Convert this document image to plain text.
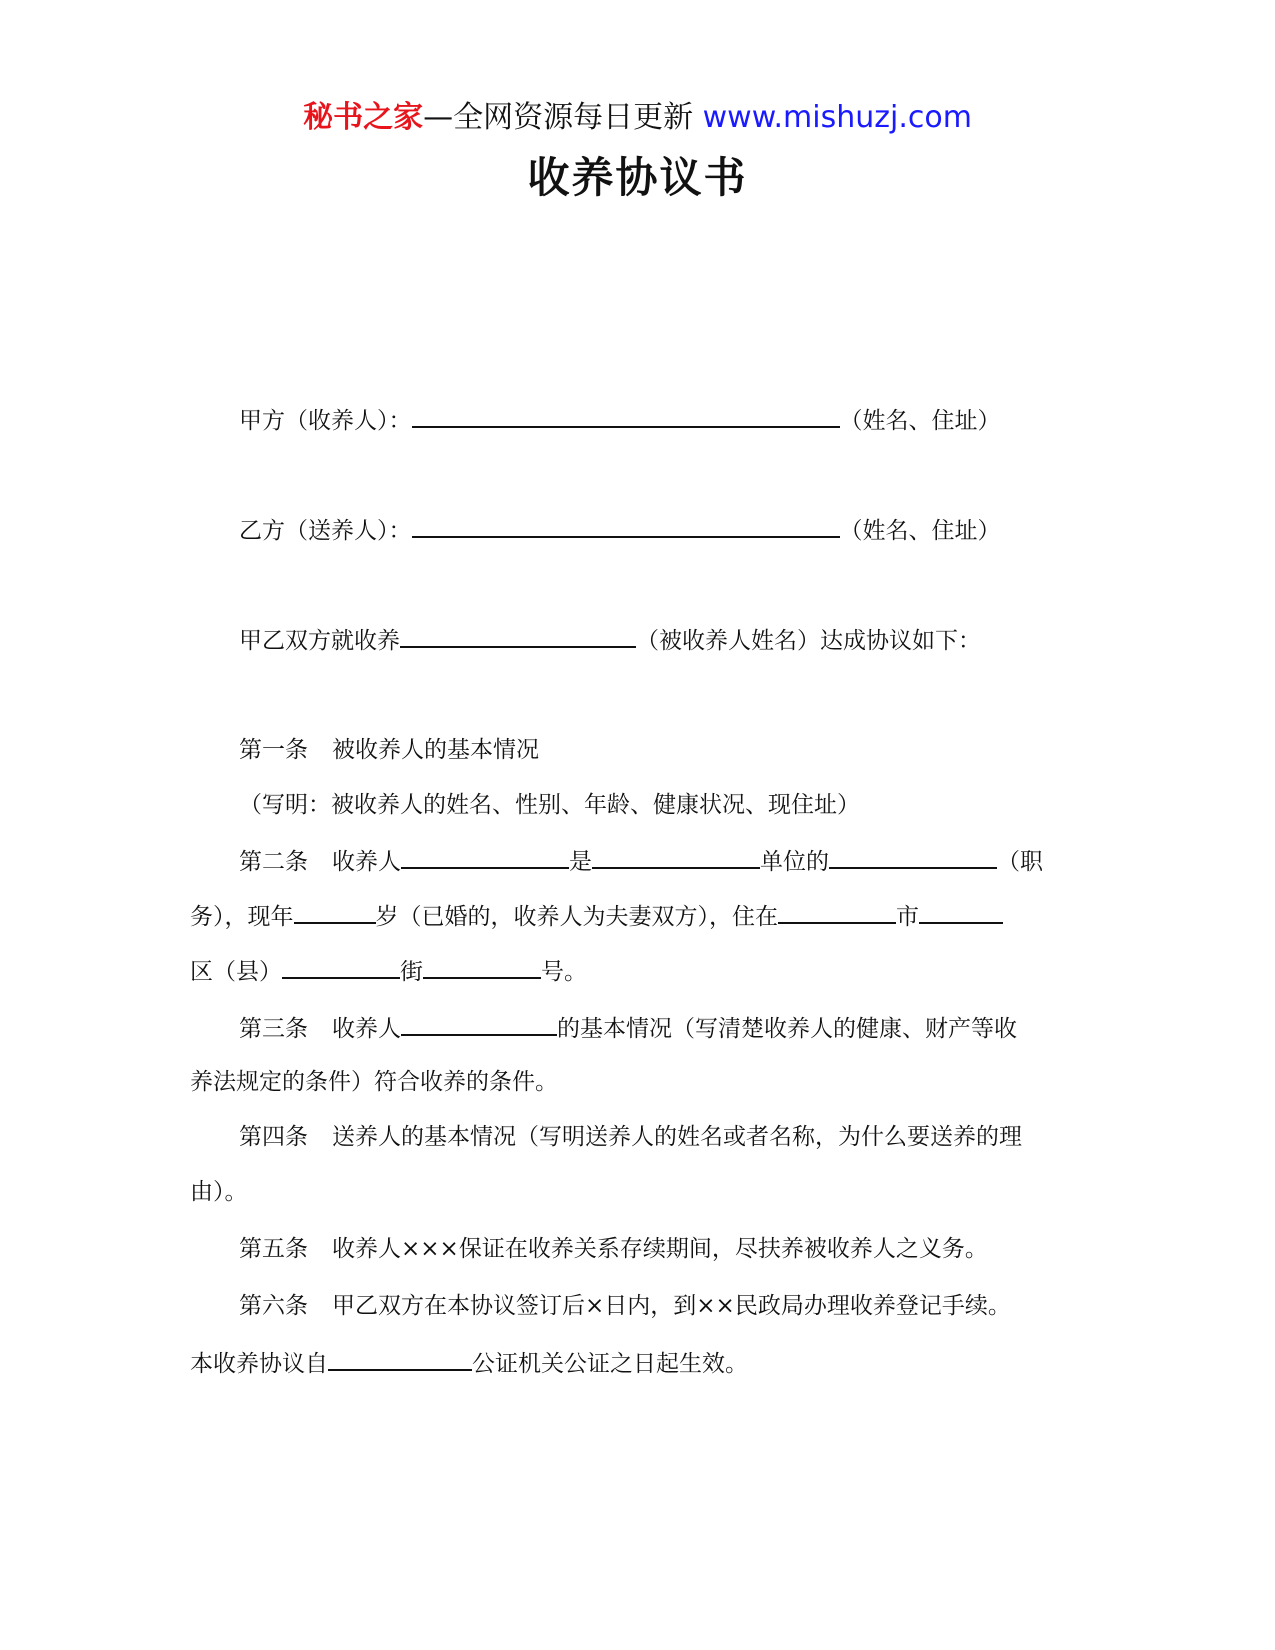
秘书之家—全网资源每日更新 www.mishuzj.com
收养协议书
甲方（收养人）：	（姓名、住址）
乙方（送养人）：	（姓名、住址）
甲乙双方就收养	（被收养人姓名）达成协议如下：
第一条 被收养人的基本情况
（写明：被收养人的姓名、性别、年龄、健康状况、现住址）
第二条 收养人	是	单位的	（职
务），现年	岁（已婚的，收养人为夫妻双方），住在	市
区（县）	街	号。
第三条 收养人	的基本情况（写清楚收养人的健康、财产等收
养法规定的条件）符合收养的条件。
第四条 送养人的基本情况（写明送养人的姓名或者名称，为什么要送养的理
由）。
第五条 收养人×××保证在收养关系存续期间，尽扶养被收养人之义务。
第六条 甲乙双方在本协议签订后×日内，到××民政局办理收养登记手续。
本收养协议自	公证机关公证之日起生效。
